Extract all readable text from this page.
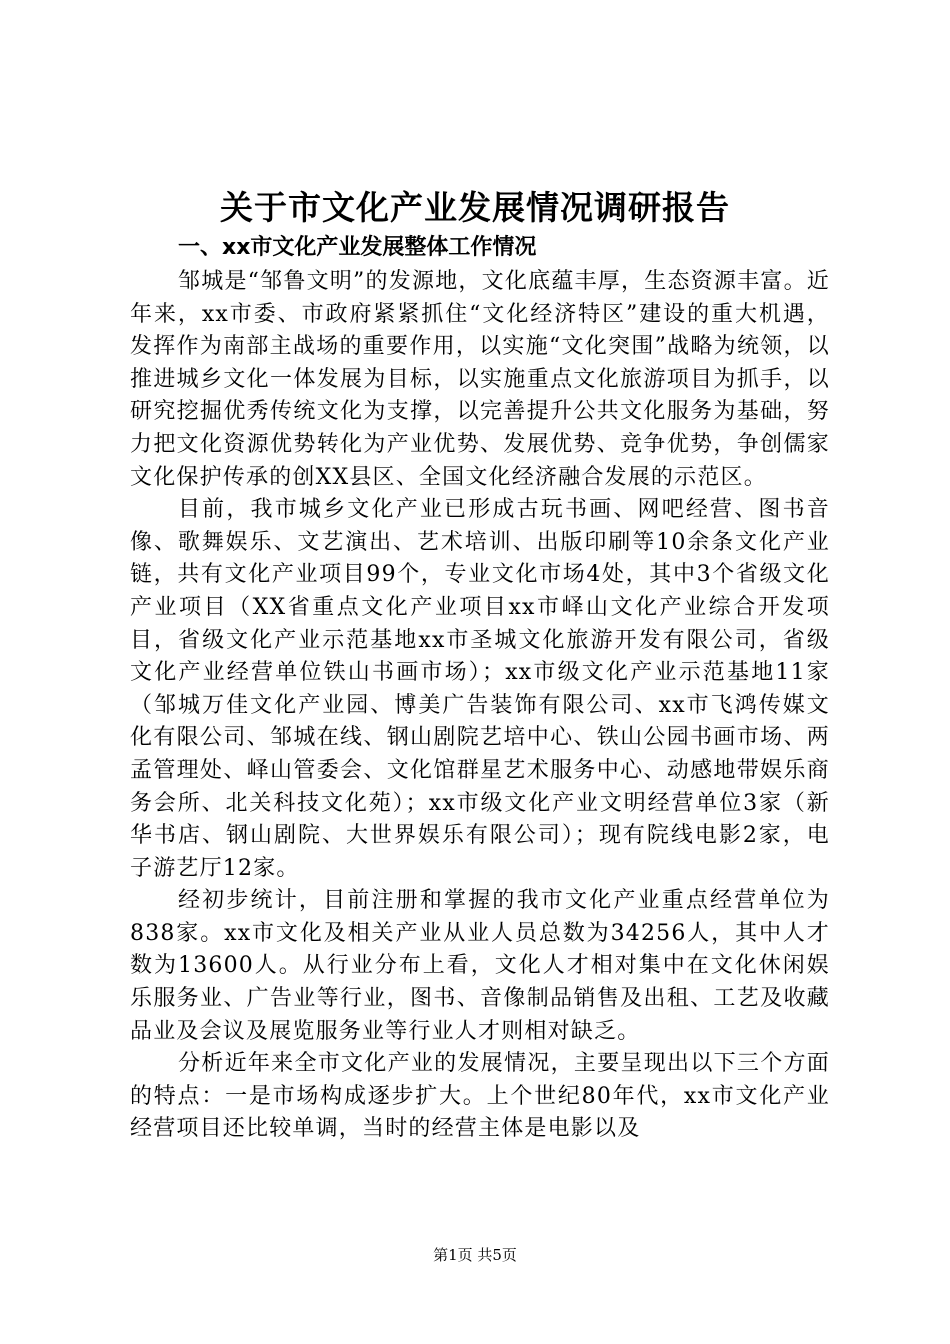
关于市文化产业发展情况调研报告
一、xx市文化产业发展整体工作情况

邹城是“邹鲁文明”的发源地，文化底蕴丰厚，生态资源丰富。近年来，xx市委、市政府紧紧抓住“文化经济特区”建设的重大机遇，发挥作为南部主战场的重要作用，以实施“文化突围”战略为统领，以推进城乡文化一体发展为目标，以实施重点文化旅游项目为抓手，以研究挖掘优秀传统文化为支撑，以完善提升公共文化服务为基础，努力把文化资源优势转化为产业优势、发展优势、竞争优势，争创儒家文化保护传承的创XX县区、全国文化经济融合发展的示范区。

目前，我市城乡文化产业已形成古玩书画、网吧经营、图书音像、歌舞娱乐、文艺演出、艺术培训、出版印刷等10余条文化产业链，共有文化产业项目99个，专业文化市场4处，其中3个省级文化产业项目（XX省重点文化产业项目xx市峄山文化产业综合开发项目，省级文化产业示范基地xx市圣城文化旅游开发有限公司，省级文化产业经营单位铁山书画市场）；xx市级文化产业示范基地11家（邹城万佳文化产业园、博美广告装饰有限公司、xx市飞鸿传媒文化有限公司、邹城在线、钢山剧院艺培中心、铁山公园书画市场、两孟管理处、峄山管委会、文化馆群星艺术服务中心、动感地带娱乐商务会所、北关科技文化苑）；xx市级文化产业文明经营单位3家（新华书店、钢山剧院、大世界娱乐有限公司）；现有院线电影2家，电子游艺厅12家。

经初步统计，目前注册和掌握的我市文化产业重点经营单位为838家。xx市文化及相关产业从业人员总数为34256人，其中人才数为13600人。从行业分布上看，文化人才相对集中在文化休闲娱乐服务业、广告业等行业，图书、音像制品销售及出租、工艺及收藏品业及会议及展览服务业等行业人才则相对缺乏。

分析近年来全市文化产业的发展情况，主要呈现出以下三个方面的特点：一是市场构成逐步扩大。上个世纪80年代，xx市文化产业经营项目还比较单调，当时的经营主体是电影以及

第1页 共5页
